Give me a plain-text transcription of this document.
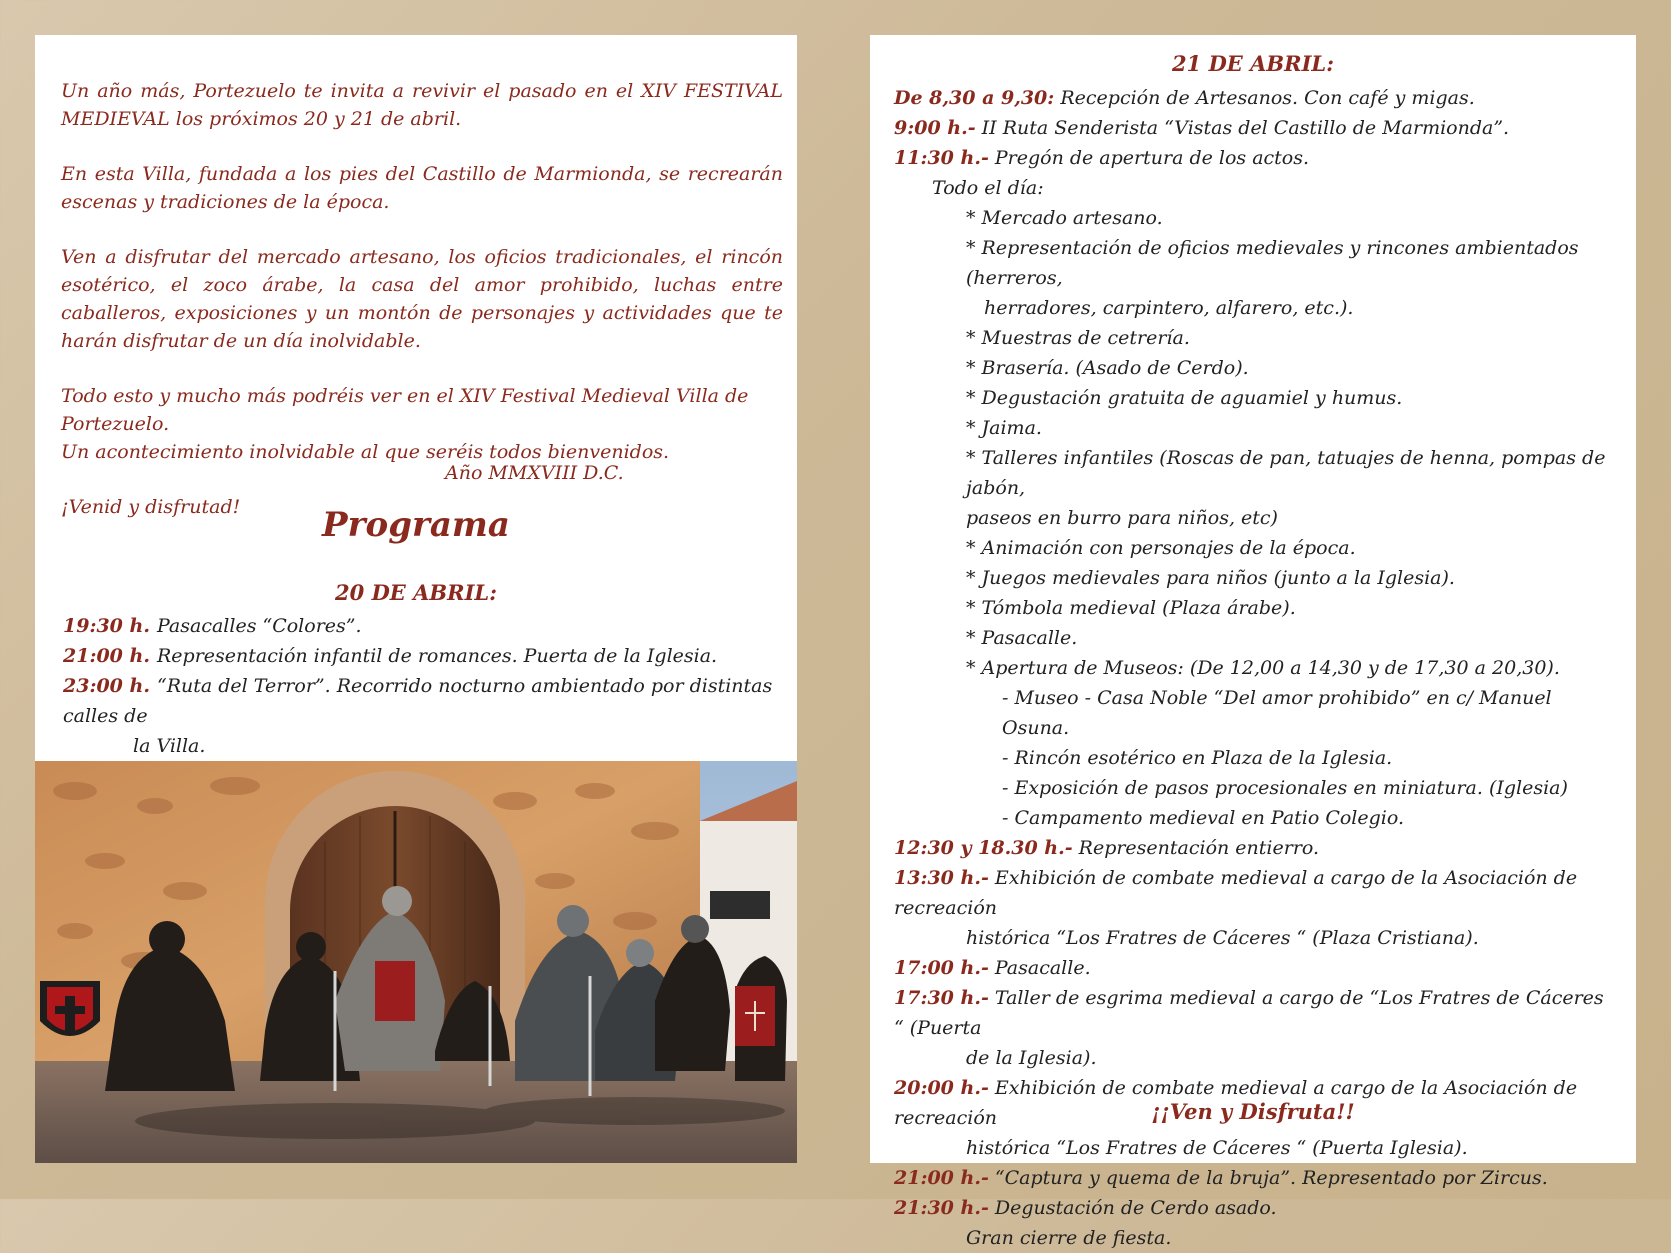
Un año más, Portezuelo te invita a revivir el pasado en el XIV FESTIVAL MEDIEVAL los próximos 20 y 21 de abril.

En esta Villa, fundada a los pies del Castillo de Marmionda, se recrearán escenas y tradiciones de la época.

Ven a disfrutar del mercado artesano, los oficios tradicionales, el rincón esotérico, el zoco árabe, la casa del amor prohibido, luchas entre caballeros, exposiciones y un montón de personajes y actividades que te harán disfrutar de un día inolvidable.

Todo esto y mucho más podréis ver en el XIV Festival Medieval Villa de Portezuelo.

Un acontecimiento inolvidable al que seréis todos bienvenidos.

¡Venid y disfrutad!

Año MMXVIII D.C.
Programa
20 DE ABRIL:
19:30 h. Pasacalles “Colores”.
21:00 h. Representación infantil de romances. Puerta de la Iglesia.
23:00 h. “Ruta del Terror”. Recorrido nocturno ambientado por distintas calles de
la Villa.
21 DE ABRIL:
De 8,30 a 9,30: Recepción de Artesanos. Con café y migas.
9:00 h.- II Ruta Senderista “Vistas del Castillo de Marmionda”.
11:30 h.- Pregón de apertura de los actos.
Todo el día:
* Mercado artesano.
* Representación de oficios medievales y rincones ambientados (herreros,
herradores, carpintero, alfarero, etc.).
* Muestras de cetrería.
* Brasería. (Asado de Cerdo).
* Degustación gratuita de aguamiel y humus.
* Jaima.
* Talleres infantiles (Roscas de pan, tatuajes de henna, pompas de jabón,
paseos en burro para niños, etc)
* Animación con personajes de la época.
* Juegos medievales para niños (junto a la Iglesia).
* Tómbola medieval (Plaza árabe).
* Pasacalle.
* Apertura de Museos: (De 12,00 a 14,30 y de 17,30 a 20,30).
- Museo - Casa Noble “Del amor prohibido” en c/ Manuel Osuna.
- Rincón esotérico en Plaza de la Iglesia.
- Exposición de pasos procesionales en miniatura. (Iglesia)
- Campamento medieval en Patio Colegio.
12:30 y 18.30 h.- Representación entierro.
13:30 h.- Exhibición de combate medieval a cargo de la Asociación de recreación
histórica “Los Fratres de Cáceres “ (Plaza Cristiana).
17:00 h.- Pasacalle.
17:30 h.- Taller de esgrima medieval a cargo de “Los Fratres de Cáceres “ (Puerta
de la Iglesia).
20:00 h.- Exhibición de combate medieval a cargo de la Asociación de recreación
histórica “Los Fratres de Cáceres “ (Puerta Iglesia).
21:00 h.- “Captura y quema de la bruja”. Representado por Zircus.
21:30 h.- Degustación de Cerdo asado.
Gran cierre de fiesta.
¡¡Ven y Disfruta!!
